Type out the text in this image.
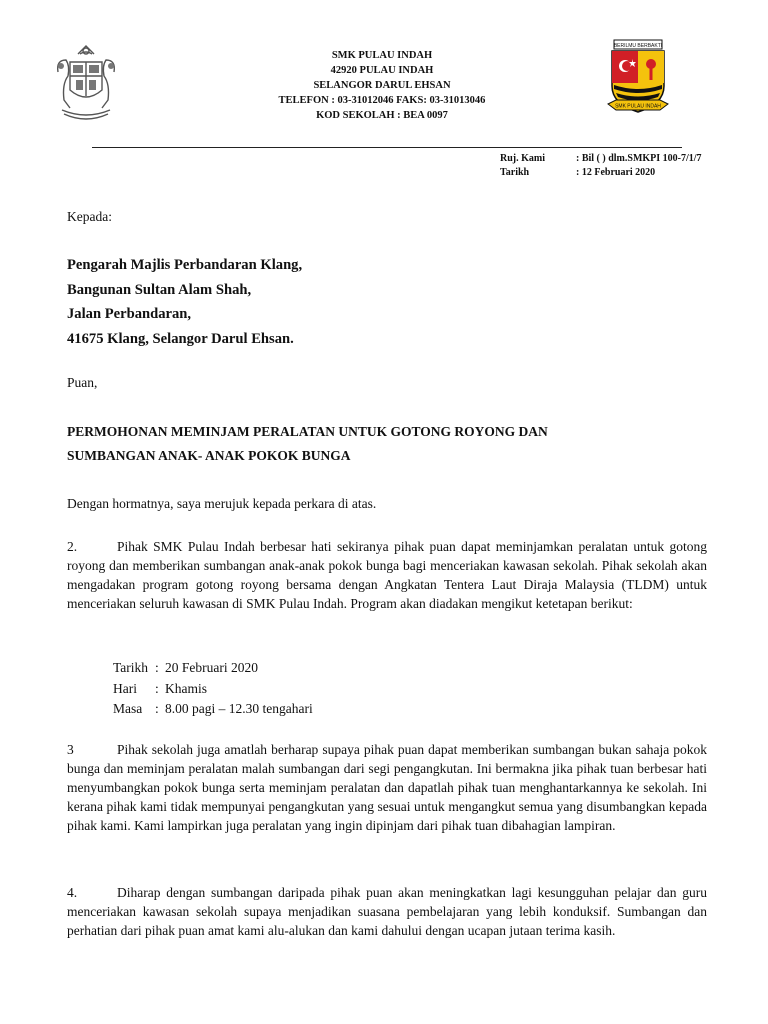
BERILMU BERBAKTI
SMK PULAU INDAH
SMK PULAU INDAH
42920 PULAU INDAH
SELANGOR DARUL EHSAN
TELEFON : 03-31012046 FAKS: 03-31013046
KOD SEKOLAH : BEA 0097
Ruj. Kami	: Bil ( ) dlm.SMKPI 100-7/1/7
Tarikh	: 12 Februari 2020
Kepada:
Pengarah Majlis Perbandaran Klang,
Bangunan Sultan Alam Shah,
Jalan Perbandaran,
41675 Klang, Selangor Darul Ehsan.
Puan,
PERMOHONAN MEMINJAM PERALATAN UNTUK GOTONG ROYONG DAN
SUMBANGAN ANAK- ANAK POKOK BUNGA
Dengan hormatnya, saya merujuk kepada perkara di atas.
2.	Pihak SMK Pulau Indah berbesar hati sekiranya pihak puan dapat meminjamkan peralatan untuk gotong royong dan memberikan sumbangan anak-anak pokok bunga bagi menceriakan kawasan sekolah. Pihak sekolah akan mengadakan program gotong royong bersama dengan Angkatan Tentera Laut Diraja Malaysia (TLDM) untuk menceriakan seluruh kawasan di SMK Pulau Indah. Program akan diadakan mengikut ketetapan berikut:
Tarikh : 20 Februari 2020
Hari	: Khamis
Masa : 8.00 pagi – 12.30 tengahari
3	Pihak sekolah juga amatlah berharap supaya pihak puan dapat memberikan sumbangan bukan sahaja pokok bunga dan meminjam peralatan malah sumbangan dari segi pengangkutan. Ini bermakna jika pihak tuan berbesar hati menyumbangkan pokok bunga serta meminjam peralatan dan dapatlah pihak tuan menghantarkannya ke sekolah. Ini kerana pihak kami tidak mempunyai pengangkutan yang sesuai untuk mengangkut semua yang disumbangkan kepada pihak kami. Kami lampirkan juga peralatan yang ingin dipinjam dari pihak tuan dibahagian lampiran.
4.	Diharap dengan sumbangan daripada pihak puan akan meningkatkan lagi kesungguhan pelajar dan guru menceriakan kawasan sekolah supaya menjadikan suasana pembelajaran yang lebih konduksif. Sumbangan dan perhatian dari pihak puan amat kami alu-alukan dan kami dahului dengan ucapan jutaan terima kasih.
